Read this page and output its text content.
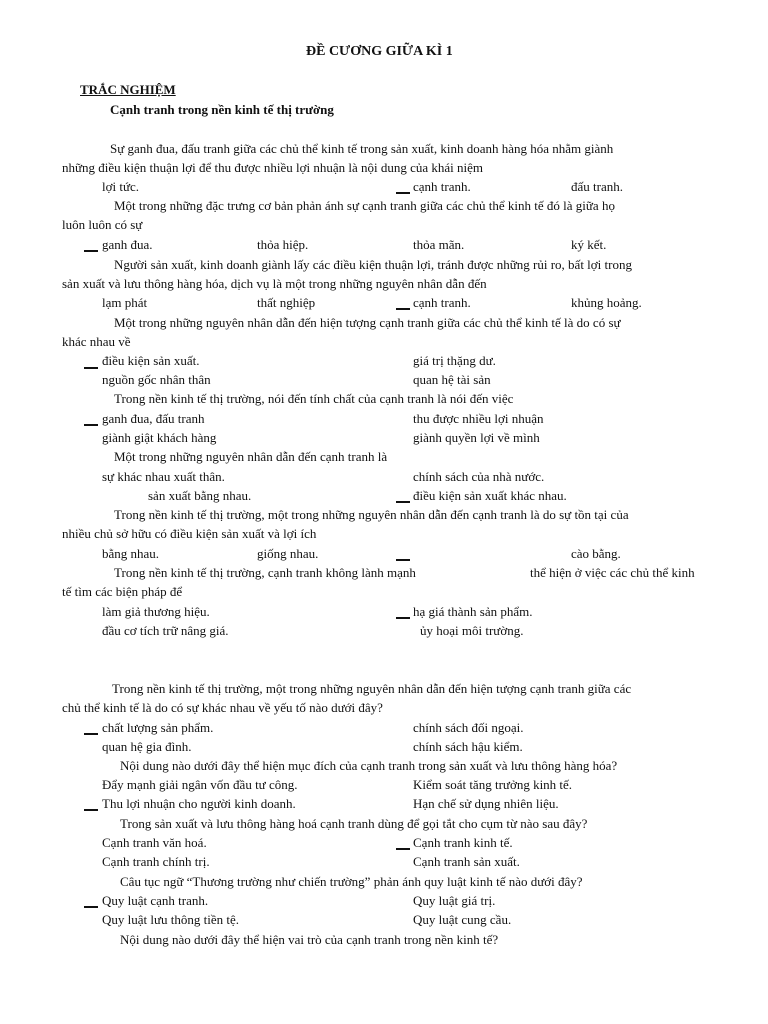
ĐỀ CƯƠNG GIỮA KÌ 1
TRẮC NGHIỆM
Cạnh tranh trong nền kinh tế thị trường
Sự ganh đua, đấu tranh giữa các chủ thể kinh tế trong sản xuất, kinh doanh hàng hóa nhằm giành
những điều kiện thuận lợi để thu được nhiều lợi nhuận là nội dung của khái niệm
lợi tức.	cạnh tranh.	đấu tranh.
Một trong những đặc trưng cơ bản phản ánh sự cạnh tranh giữa các chủ thể kinh tế đó là giữa họ
luôn luôn có sự
ganh đua.	thỏa hiệp.	thỏa mãn.	ký kết.
Người sản xuất, kinh doanh giành lấy các điều kiện thuận lợi, tránh được những rủi ro, bất lợi trong
sản xuất và lưu thông hàng hóa, dịch vụ là một trong những nguyên nhân dẫn đến
lạm phát	thất nghiệp	cạnh tranh.	khủng hoảng.
Một trong những nguyên nhân dẫn đến hiện tượng cạnh tranh giữa các chủ thể kinh tế là do có sự
khác nhau về
điều kiện sản xuất.	giá trị thặng dư.
nguồn gốc nhân thân	quan hệ tài sản
Trong nền kinh tế thị trường, nói đến tính chất của cạnh tranh là nói đến việc
ganh đua, đấu tranh	thu được nhiều lợi nhuận
giành giật khách hàng	giành quyền lợi về mình
Một trong những nguyên nhân dẫn đến cạnh tranh là
sự khác nhau xuất thân.	chính sách của nhà nước.
sản xuất bằng nhau.	điều kiện sản xuất khác nhau.
Trong nền kinh tế thị trường, một trong những nguyên nhân dẫn đến cạnh tranh là do sự tồn tại của
nhiều chủ sở hữu có điều kiện sản xuất và lợi ích
bằng nhau.	giống nhau.	cào bằng.
Trong nền kinh tế thị trường, cạnh tranh không lành mạnh	thể hiện ở việc các chủ thể kinh
tế tìm các biện pháp để
làm giả thương hiệu.	hạ giá thành sản phẩm.
đầu cơ tích trữ nâng giá.	ủy hoại môi trường.
Trong nền kinh tế thị trường, một trong những nguyên nhân dẫn đến hiện tượng cạnh tranh giữa các
chủ thể kinh tế là do có sự khác nhau về yếu tố nào dưới đây?
chất lượng sản phẩm.	chính sách đối ngoại.
quan hệ gia đình.	chính sách hậu kiểm.
Nội dung nào dưới đây thể hiện mục đích của cạnh tranh trong sản xuất và lưu thông hàng hóa?
Đẩy mạnh giải ngân vốn đầu tư công.	Kiểm soát tăng trưởng kinh tế.
Thu lợi nhuận cho người kinh doanh.	Hạn chế sử dụng nhiên liệu.
Trong sản xuất và lưu thông hàng hoá cạnh tranh dùng để gọi tắt cho cụm từ nào sau đây?
Cạnh tranh văn hoá.	Cạnh tranh kinh tế.
Cạnh tranh chính trị.	Cạnh tranh sản xuất.
Câu tục ngữ “Thương trường như chiến trường” phản ánh quy luật kinh tế nào dưới đây?
Quy luật cạnh tranh.	Quy luật giá trị.
Quy luật lưu thông tiền tệ.	Quy luật cung cầu.
Nội dung nào dưới đây thể hiện vai trò của cạnh tranh trong nền kinh tế?
